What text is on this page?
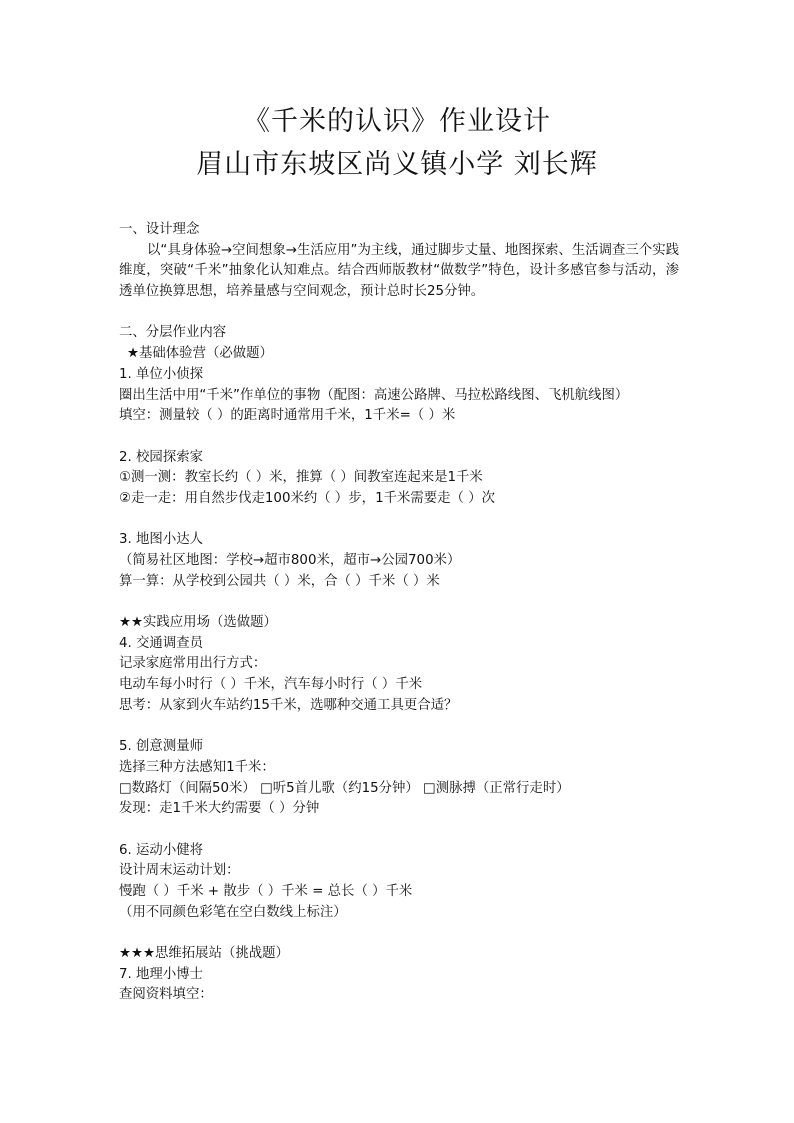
《千米的认识》作业设计
眉山市东坡区尚义镇小学 刘长辉
一、设计理念
以“具身体验→空间想象→生活应用”为主线，通过脚步丈量、地图探索、生活调查三个实践维度，突破“千米”抽象化认知难点。结合西师版教材“做数学”特色，设计多感官参与活动，渗透单位换算思想，培养量感与空间观念，预计总时长25分钟。
二、分层作业内容
★基础体验营（必做题）
1. 单位小侦探
圈出生活中用“千米”作单位的事物（配图：高速公路牌、马拉松路线图、飞机航线图）
填空：测量较（ ）的距离时通常用千米，1千米=（ ）米
2. 校园探索家
①测一测：教室长约（ ）米，推算（ ）间教室连起来是1千米
②走一走：用自然步伐走100米约（ ）步，1千米需要走（ ）次
3. 地图小达人
（简易社区地图：学校→超市800米，超市→公园700米）
算一算：从学校到公园共（ ）米，合（ ）千米（ ）米
★★实践应用场（选做题）
4. 交通调查员
记录家庭常用出行方式：
电动车每小时行（ ）千米，汽车每小时行（ ）千米
思考：从家到火车站约15千米，选哪种交通工具更合适？
5. 创意测量师
选择三种方法感知1千米：
□数路灯（间隔50米） □听5首儿歌（约15分钟） □测脉搏（正常行走时）
发现：走1千米大约需要（ ）分钟
6. 运动小健将
设计周末运动计划：
慢跑（ ）千米 + 散步（ ）千米 = 总长（ ）千米
（用不同颜色彩笔在空白数线上标注）
★★★思维拓展站（挑战题）
7. 地理小博士
查阅资料填空：
